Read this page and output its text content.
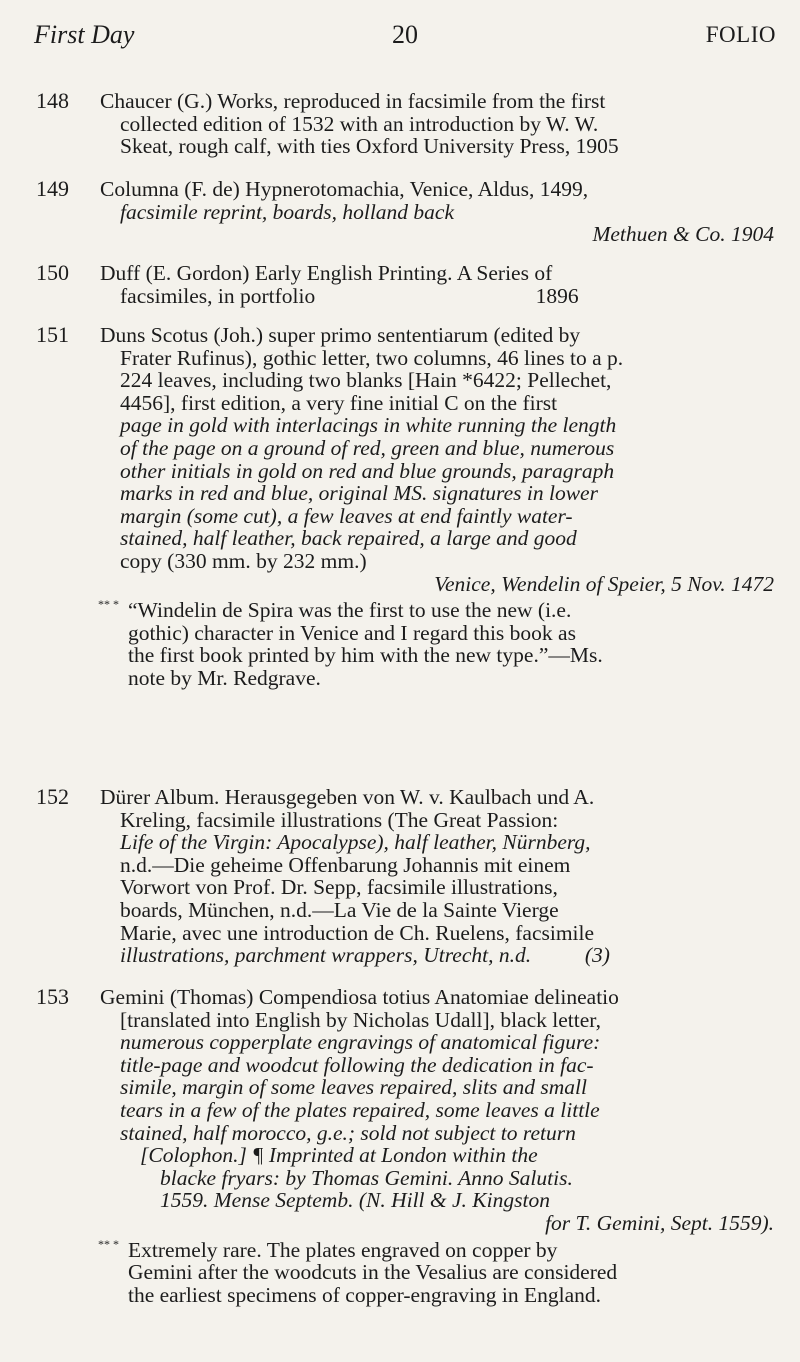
First Day	20	FOLIO
148 Chaucer (G.) Works, reproduced in facsimile from the first

collected edition of 1532 with an introduction by W. W.

Skeat, rough calf, with ties Oxford University Press, 1905

149 Columna (F. de) Hypnerotomachia, Venice, Aldus, 1499,

facsimile reprint, boards, holland back

Methuen & Co. 1904

150 Duff (E. Gordon) Early English Printing. A Series of

facsimiles, in portfolio                                         1896

151 Duns Scotus (Joh.) super primo sententiarum (edited by

Frater Rufinus), gothic letter, two columns, 46 lines to a p.

224 leaves, including two blanks [Hain *6422; Pellechet,

4456], first edition, a very fine initial C on the first

page in gold with interlacings in white running the length

of the page on a ground of red, green and blue, numerous

other initials in gold on red and blue grounds, paragraph

marks in red and blue, original MS. signatures in lower

margin (some cut), a few leaves at end faintly water-

stained, half leather, back repaired, a large and good

copy (330 mm. by 232 mm.)

Venice, Wendelin of Speier, 5 Nov. 1472

** * “Windelin de Spira was the first to use the new (i.e.

gothic) character in Venice and I regard this book as

the first book printed by him with the new type.”—Ms.

note by Mr. Redgrave.

152 Dürer Album. Herausgegeben von W. v. Kaulbach und A.

Kreling, facsimile illustrations (The Great Passion:

Life of the Virgin: Apocalypse), half leather, Nürnberg,

n.d.—Die geheime Offenbarung Johannis mit einem

Vorwort von Prof. Dr. Sepp, facsimile illustrations,

boards, München, n.d.—La Vie de la Sainte Vierge

Marie, avec une introduction de Ch. Ruelens, facsimile

illustrations, parchment wrappers, Utrecht, n.d.          (3)

153 Gemini (Thomas) Compendiosa totius Anatomiae delineatio

[translated into English by Nicholas Udall], black letter,

numerous copperplate engravings of anatomical figure:

title-page and woodcut following the dedication in fac-

simile, margin of some leaves repaired, slits and small

tears in a few of the plates repaired, some leaves a little

stained, half morocco, g.e.; sold not subject to return

[Colophon.] ¶ Imprinted at London within the

blacke fryars: by Thomas Gemini. Anno Salutis.

1559. Mense Septemb. (N. Hill & J. Kingston

for T. Gemini, Sept. 1559).

** * Extremely rare. The plates engraved on copper by

Gemini after the woodcuts in the Vesalius are considered

the earliest specimens of copper-engraving in England.
